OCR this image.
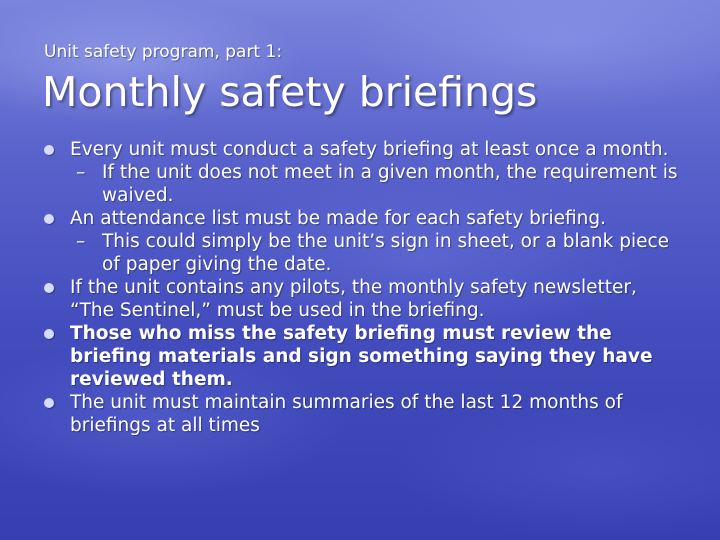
Unit safety program, part 1:
Monthly safety briefings
Every unit must conduct a safety briefing at least once a month.
– If the unit does not meet in a given month, the requirement is waived.
An attendance list must be made for each safety briefing.
– This could simply be the unit’s sign in sheet, or a blank piece of paper giving the date.
If the unit contains any pilots, the monthly safety newsletter, “The Sentinel,” must be used in the briefing.
Those who miss the safety briefing must review the briefing materials and sign something saying they have reviewed them.
The unit must maintain summaries of the last 12 months of briefings at all times
